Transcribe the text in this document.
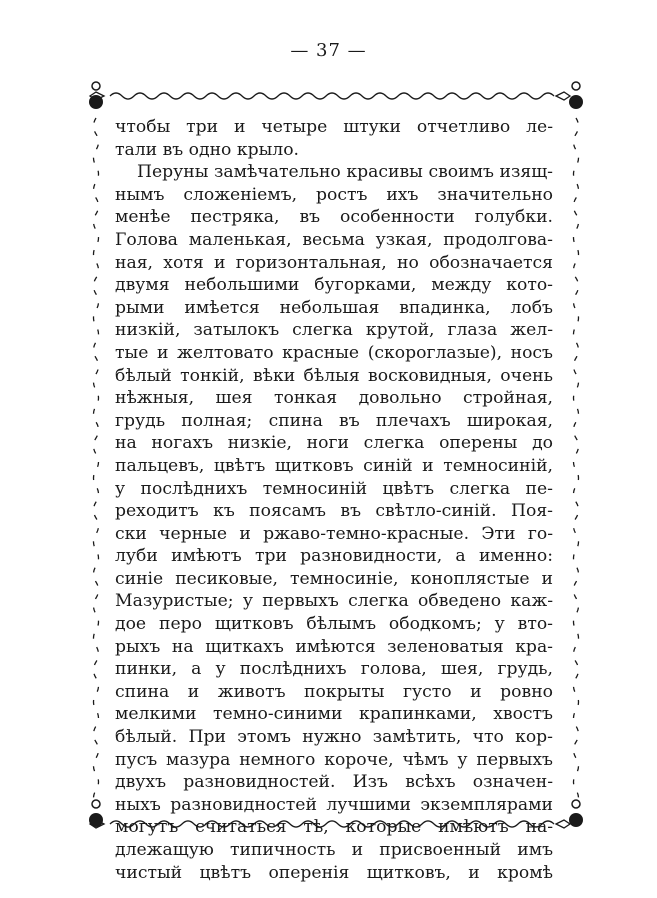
— 37 —
чтобы три и четыре штуки отчетливо ле-
тали въ одно крыло.
Перуны замѣчательно красивы своимъ изящ-
нымъ сложеніемъ, ростъ ихъ значительно
менѣе пестряка, въ особенности голубки.
Голова маленькая, весьма узкая, продолгова-
ная, хотя и горизонтальная, но обозначается
двумя небольшими бугорками, между кото-
рыми имѣется небольшая впадинка, лобъ
низкій, затылокъ слегка крутой, глаза жел-
тые и желтовато красные (скороглазые), носъ
бѣлый тонкій, вѣки бѣлыя восковидныя, очень
нѣжныя, шея тонкая довольно стройная,
грудь полная; спина въ плечахъ широкая,
на ногахъ низкіе, ноги слегка оперены до
пальцевъ, цвѣтъ щитковъ синій и темносиній,
у послѣднихъ темносиній цвѣтъ слегка пе-
реходитъ къ поясамъ въ свѣтло-синій. Поя-
ски черные и ржаво-темно-красные. Эти го-
луби имѣютъ три разновидности, а именно:
синіе песиковые, темносиніе, коноплястые и
Мазуристые; у первыхъ слегка обведено каж-
дое перо щитковъ бѣлымъ ободкомъ; у вто-
рыхъ на щиткахъ имѣются зеленоватыя кра-
пинки, а у послѣднихъ голова, шея, грудь,
спина и животъ покрыты густо и ровно
мелкими темно-синими крапинками, хвостъ
бѣлый. При этомъ нужно замѣтить, что кор-
пусъ мазура немного короче, чѣмъ у первыхъ
двухъ разновидностей. Изъ всѣхъ означен-
ныхъ разновидностей лучшими экземплярами
могутъ считаться тѣ, которые имѣютъ на-
длежащую типичность и присвоенный имъ
чистый цвѣтъ оперенія щитковъ, и кромѣ
